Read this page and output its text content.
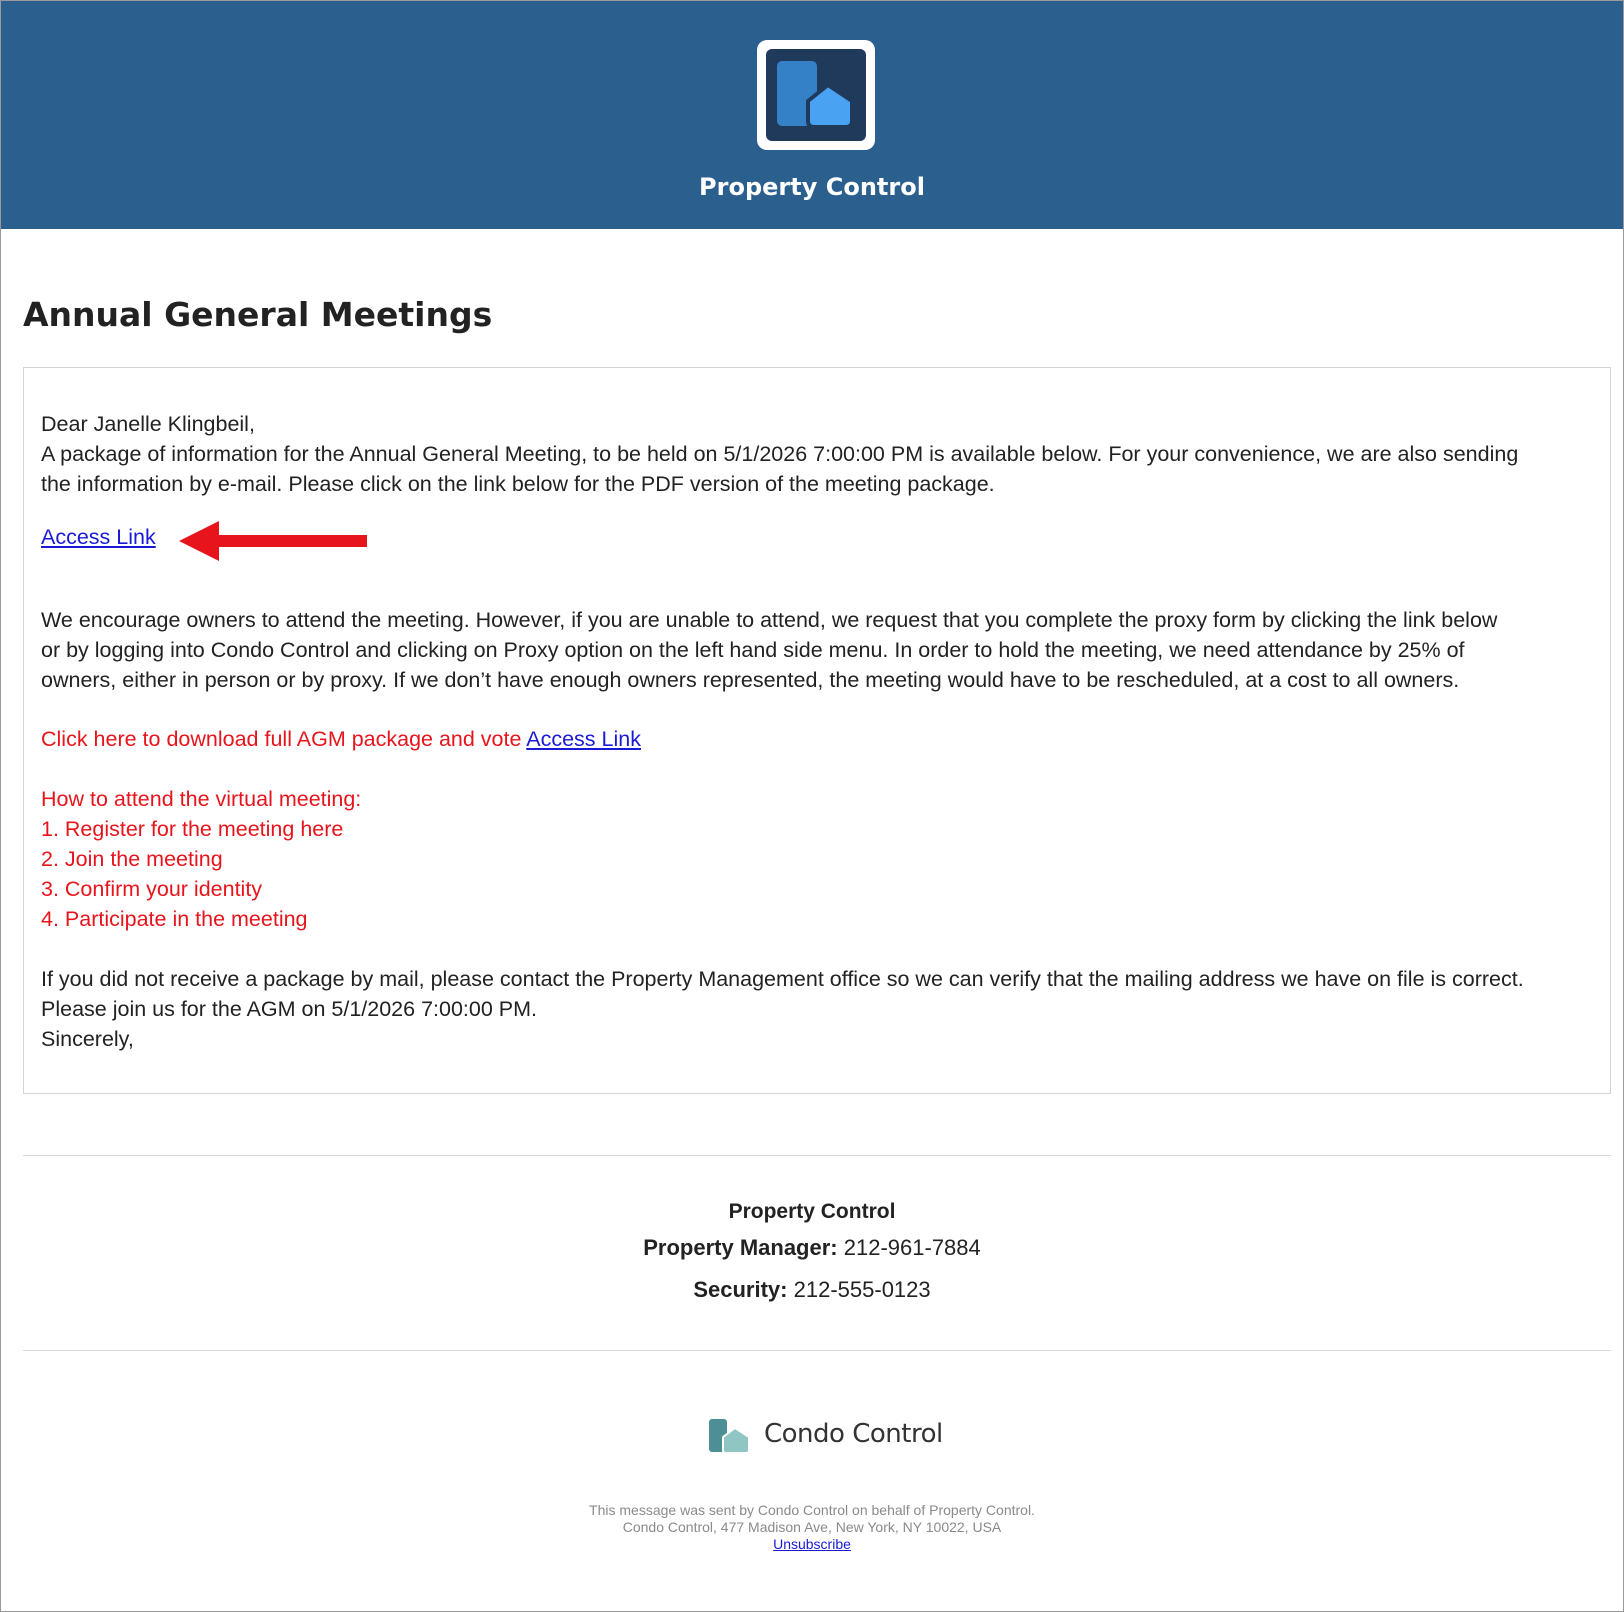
Property Control
Annual General Meetings
Dear Janelle Klingbeil,
A package of information for the Annual General Meeting, to be held on 5/1/2026 7:00:00 PM is available below. For your convenience, we are also sending
the information by e-mail. Please click on the link below for the PDF version of the meeting package.
Access Link
We encourage owners to attend the meeting. However, if you are unable to attend, we request that you complete the proxy form by clicking the link below
or by logging into Condo Control and clicking on Proxy option on the left hand side menu. In order to hold the meeting, we need attendance by 25% of
owners, either in person or by proxy. If we don’t have enough owners represented, the meeting would have to be rescheduled, at a cost to all owners.
Click here to download full AGM package and vote Access Link
How to attend the virtual meeting:
1. Register for the meeting here
2. Join the meeting
3. Confirm your identity
4. Participate in the meeting
If you did not receive a package by mail, please contact the Property Management office so we can verify that the mailing address we have on file is correct.
Please join us for the AGM on 5/1/2026 7:00:00 PM.
Sincerely,
Property Control
Property Manager: 212-961-7884
Security: 212-555-0123
Condo Control
This message was sent by Condo Control on behalf of Property Control.
Condo Control, 477 Madison Ave, New York, NY 10022, USA
Unsubscribe
